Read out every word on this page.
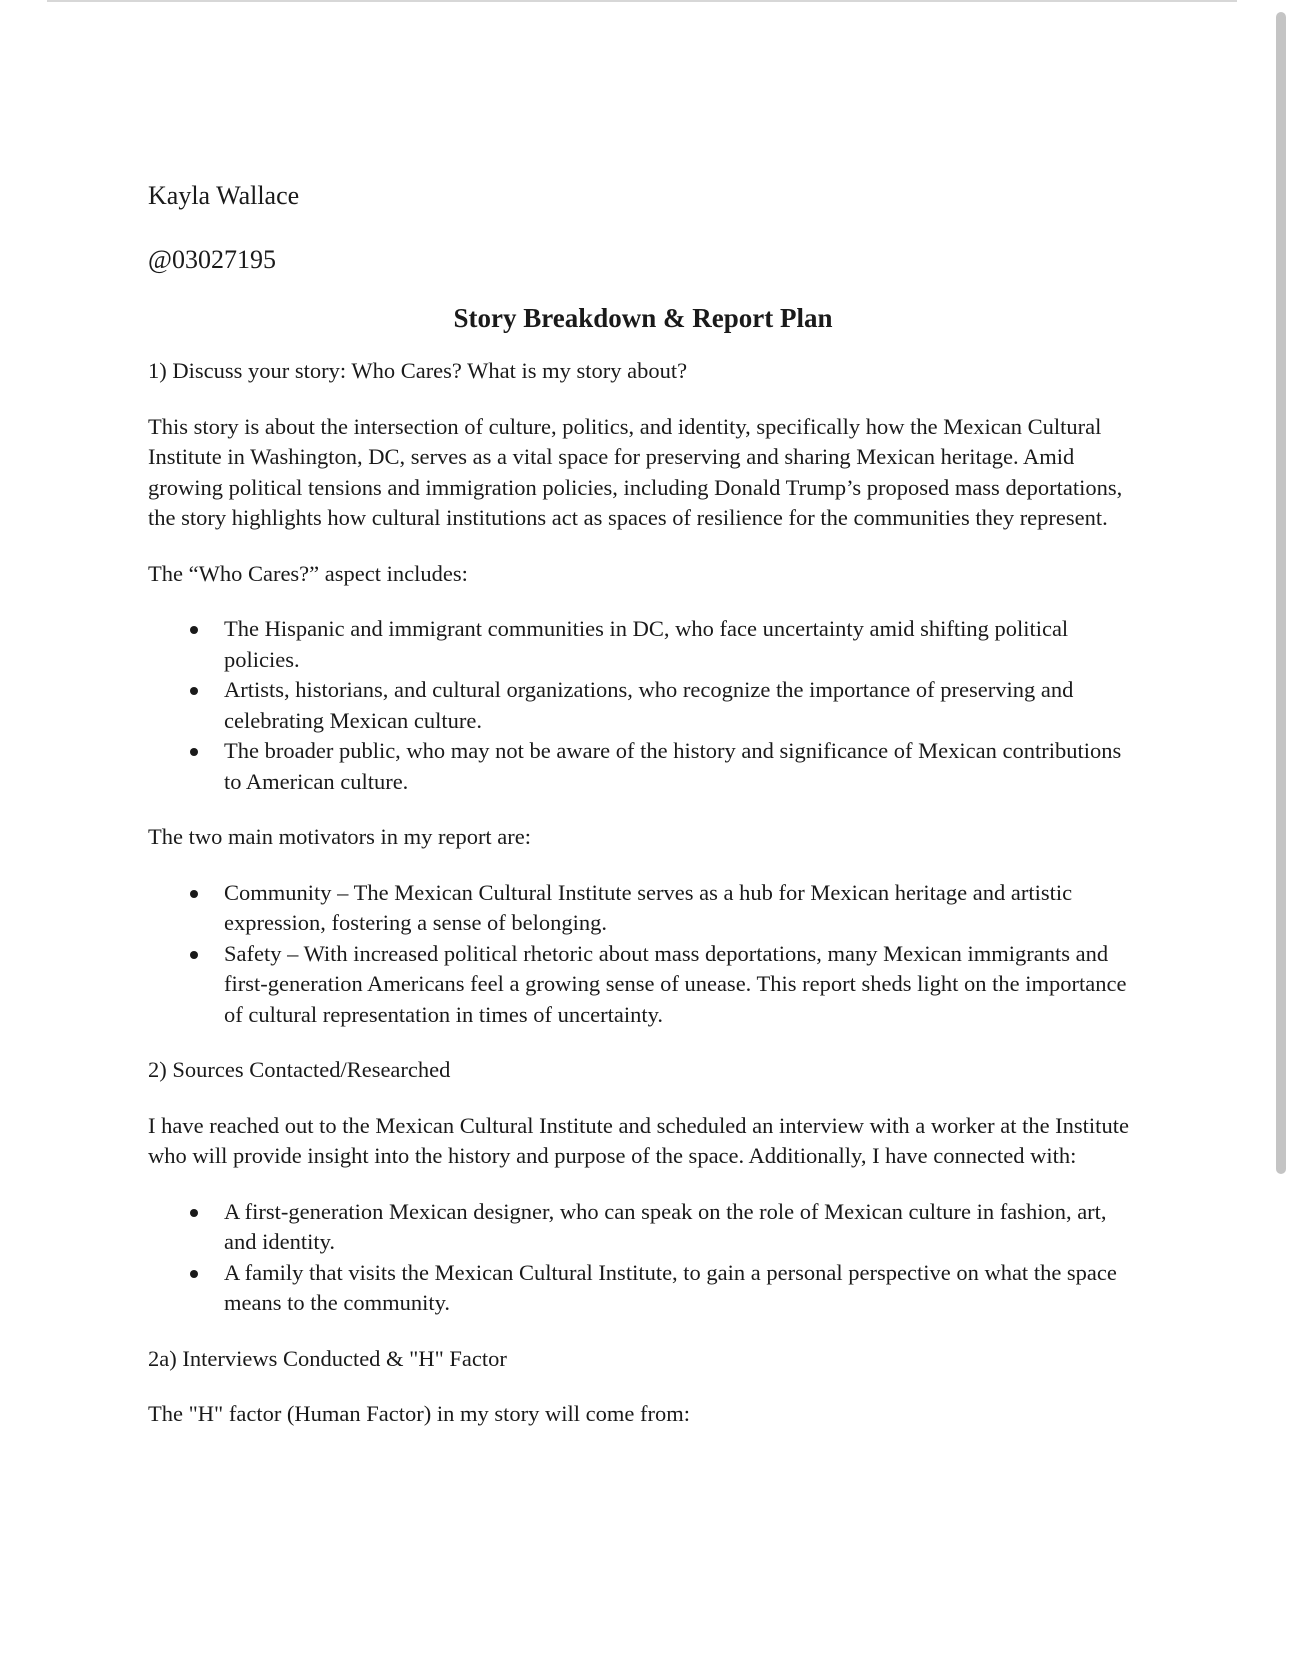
Kayla Wallace
@03027195
Story Breakdown & Report Plan

1) Discuss your story: Who Cares? What is my story about?

This story is about the intersection of culture, politics, and identity, specifically how the Mexican Cultural Institute in Washington, DC, serves as a vital space for preserving and sharing Mexican heritage. Amid growing political tensions and immigration policies, including Donald Trump’s proposed mass deportations, the story highlights how cultural institutions act as spaces of resilience for the communities they represent.

The “Who Cares?” aspect includes:

The Hispanic and immigrant communities in DC, who face uncertainty amid shifting political policies.
Artists, historians, and cultural organizations, who recognize the importance of preserving and celebrating Mexican culture.
The broader public, who may not be aware of the history and significance of Mexican contributions to American culture.

The two main motivators in my report are:

Community – The Mexican Cultural Institute serves as a hub for Mexican heritage and artistic expression, fostering a sense of belonging.
Safety – With increased political rhetoric about mass deportations, many Mexican immigrants and first-generation Americans feel a growing sense of unease. This report sheds light on the importance of cultural representation in times of uncertainty.

2) Sources Contacted/Researched

I have reached out to the Mexican Cultural Institute and scheduled an interview with a worker at the Institute who will provide insight into the history and purpose of the space. Additionally, I have connected with:

A first-generation Mexican designer, who can speak on the role of Mexican culture in fashion, art, and identity.
A family that visits the Mexican Cultural Institute, to gain a personal perspective on what the space means to the community.

2a) Interviews Conducted & "H" Factor

The "H" factor (Human Factor) in my story will come from:
